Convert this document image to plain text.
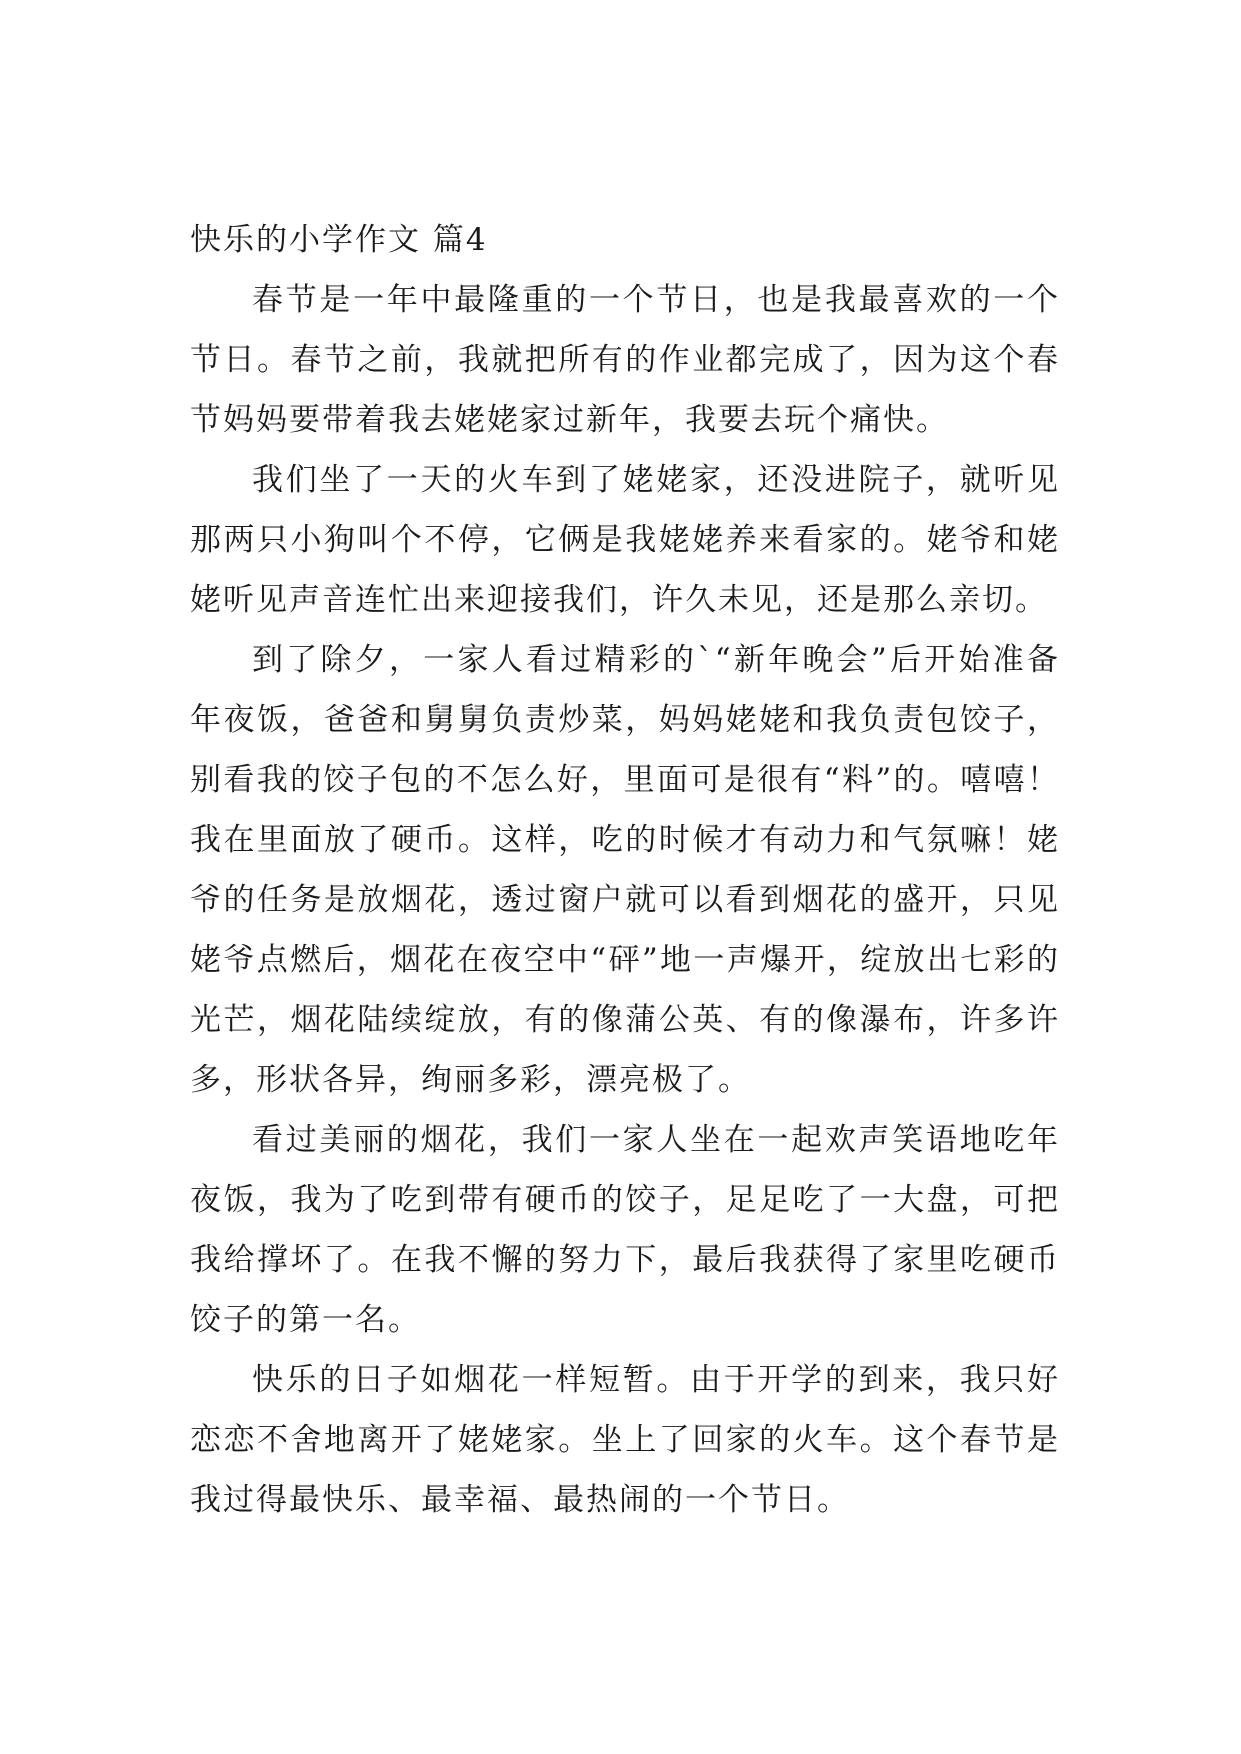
快乐的小学作文 篇4

春节是一年中最隆重的一个节日，也是我最喜欢的一个节日。春节之前，我就把所有的作业都完成了，因为这个春节妈妈要带着我去姥姥家过新年，我要去玩个痛快。

我们坐了一天的火车到了姥姥家，还没进院子，就听见那两只小狗叫个不停，它俩是我姥姥养来看家的。姥爷和姥姥听见声音连忙出来迎接我们，许久未见，还是那么亲切。

到了除夕，一家人看过精彩的`“新年晚会”后开始准备年夜饭，爸爸和舅舅负责炒菜，妈妈姥姥和我负责包饺子，别看我的饺子包的不怎么好，里面可是很有“料”的。嘻嘻！我在里面放了硬币。这样，吃的时候才有动力和气氛嘛！姥爷的任务是放烟花，透过窗户就可以看到烟花的盛开，只见姥爷点燃后，烟花在夜空中“砰”地一声爆开，绽放出七彩的光芒，烟花陆续绽放，有的像蒲公英、有的像瀑布，许多许多，形状各异，绚丽多彩，漂亮极了。

看过美丽的烟花，我们一家人坐在一起欢声笑语地吃年夜饭，我为了吃到带有硬币的饺子，足足吃了一大盘，可把我给撑坏了。在我不懈的努力下，最后我获得了家里吃硬币饺子的第一名。

快乐的日子如烟花一样短暂。由于开学的到来，我只好恋恋不舍地离开了姥姥家。坐上了回家的火车。这个春节是我过得最快乐、最幸福、最热闹的一个节日。
